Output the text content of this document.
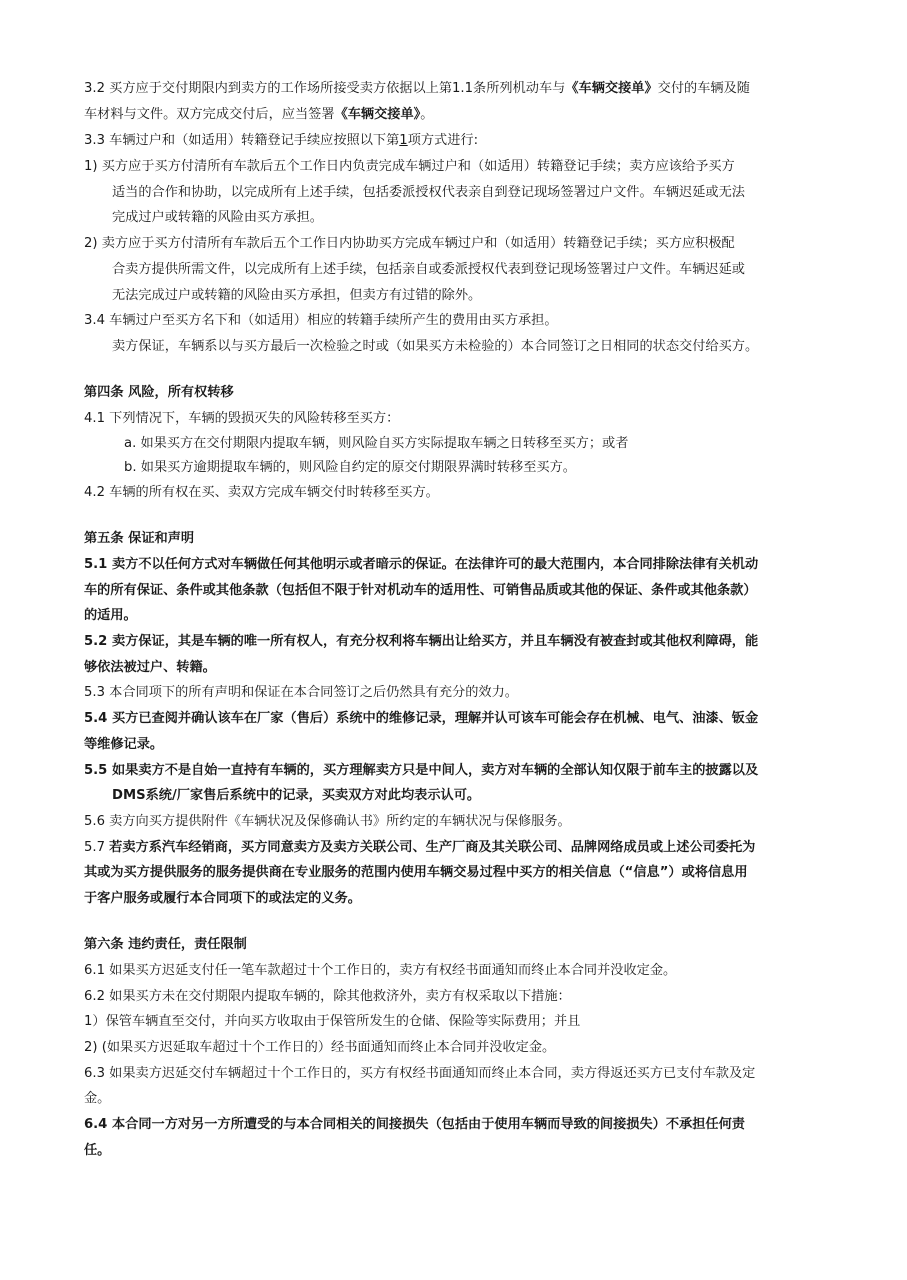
3.2 买方应于交付期限内到卖方的工作场所接受卖方依据以上第1.1条所列机动车与《车辆交接单》交付的车辆及随
车材料与文件。双方完成交付后，应当签署《车辆交接单》。
3.3 车辆过户和（如适用）转籍登记手续应按照以下第1项方式进行:
1) 买方应于买方付清所有车款后五个工作日内负责完成车辆过户和（如适用）转籍登记手续；卖方应该给予买方
适当的合作和协助，以完成所有上述手续，包括委派授权代表亲自到登记现场签署过户文件。车辆迟延或无法
完成过户或转籍的风险由买方承担。
2) 卖方应于买方付清所有车款后五个工作日内协助买方完成车辆过户和（如适用）转籍登记手续；买方应积极配
合卖方提供所需文件，以完成所有上述手续，包括亲自或委派授权代表到登记现场签署过户文件。车辆迟延或
无法完成过户或转籍的风险由买方承担，但卖方有过错的除外。
3.4 车辆过户至买方名下和（如适用）相应的转籍手续所产生的费用由买方承担。
卖方保证，车辆系以与买方最后一次检验之时或（如果买方未检验的）本合同签订之日相同的状态交付给买方。
第四条 风险，所有权转移
4.1 下列情况下，车辆的毁损灭失的风险转移至买方：
a. 如果买方在交付期限内提取车辆，则风险自买方实际提取车辆之日转移至买方；或者
b. 如果买方逾期提取车辆的，则风险自约定的原交付期限界满时转移至买方。
4.2 车辆的所有权在买、卖双方完成车辆交付时转移至买方。
第五条 保证和声明
5.1 卖方不以任何方式对车辆做任何其他明示或者暗示的保证。在法律许可的最大范围内，本合同排除法律有关机动
车的所有保证、条件或其他条款（包括但不限于针对机动车的适用性、可销售品质或其他的保证、条件或其他条款）
的适用。
5.2 卖方保证，其是车辆的唯一所有权人，有充分权利将车辆出让给买方，并且车辆没有被查封或其他权利障碍，能
够依法被过户、转籍。
5.3 本合同项下的所有声明和保证在本合同签订之后仍然具有充分的效力。
5.4 买方已查阅并确认该车在厂家（售后）系统中的维修记录，理解并认可该车可能会存在机械、电气、油漆、钣金
等维修记录。
5.5 如果卖方不是自始一直持有车辆的，买方理解卖方只是中间人，卖方对车辆的全部认知仅限于前车主的披露以及
DMS系统/厂家售后系统中的记录，买卖双方对此均表示认可。
5.6 卖方向买方提供附件《车辆状况及保修确认书》所约定的车辆状况与保修服务。
5.7 若卖方系汽车经销商，买方同意卖方及卖方关联公司、生产厂商及其关联公司、品牌网络成员或上述公司委托为
其或为买方提供服务的服务提供商在专业服务的范围内使用车辆交易过程中买方的相关信息（“信息”）或将信息用
于客户服务或履行本合同项下的或法定的义务。
第六条 违约责任，责任限制
6.1 如果买方迟延支付任一笔车款超过十个工作日的，卖方有权经书面通知而终止本合同并没收定金。
6.2 如果买方未在交付期限内提取车辆的，除其他救济外，卖方有权采取以下措施：
1）保管车辆直至交付，并向买方收取由于保管所发生的仓储、保险等实际费用；并且
2) (如果买方迟延取车超过十个工作日的）经书面通知而终止本合同并没收定金。
6.3 如果卖方迟延交付车辆超过十个工作日的，买方有权经书面通知而终止本合同，卖方得返还买方已支付车款及定
金。
6.4 本合同一方对另一方所遭受的与本合同相关的间接损失（包括由于使用车辆而导致的间接损失）不承担任何责
任。
